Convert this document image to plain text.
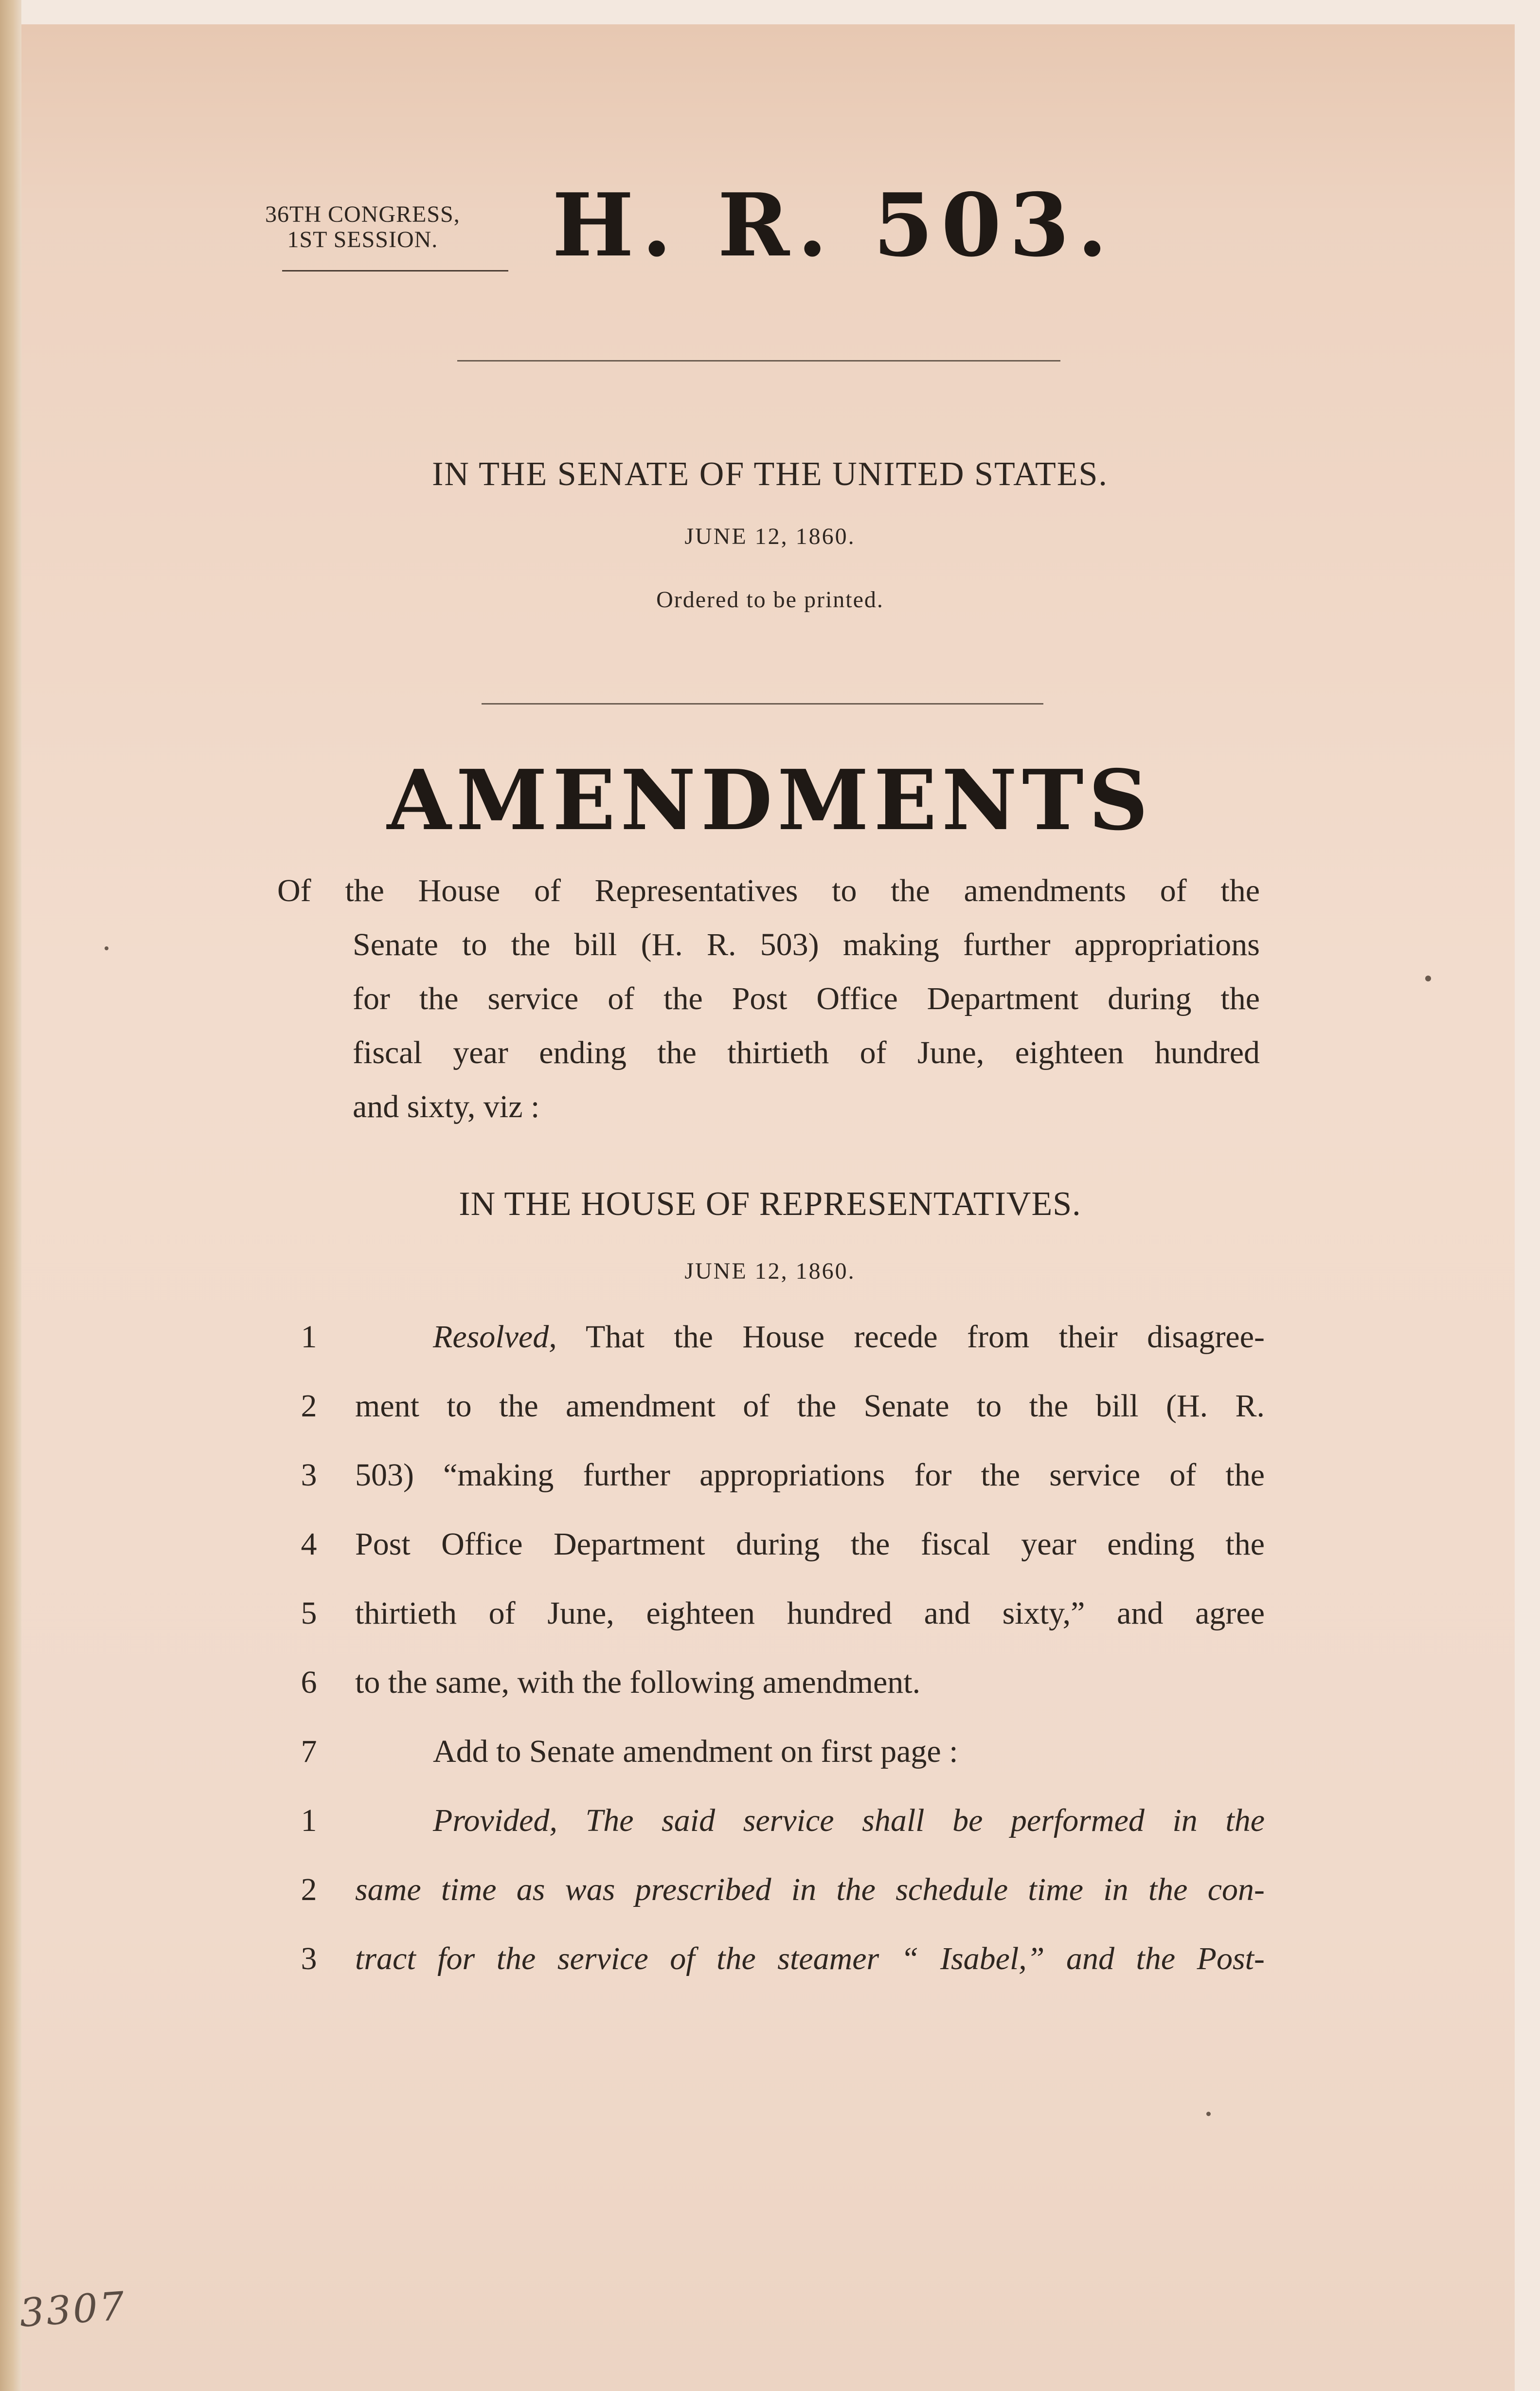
36TH CONGRESS,
1ST SESSION. H. R. 503.
IN THE SENATE OF THE UNITED STATES.
JUNE 12, 1860.
Ordered to be printed.
AMENDMENTS
Of the House of Representatives to the amendments of the
Senate to the bill (H. R. 503) making further appropriations
for the service of the Post Office Department during the
fiscal year ending the thirtieth of June, eighteen hundred
and sixty, viz :
IN THE HOUSE OF REPRESENTATIVES.
JUNE 12, 1860.
1	Resolved, That the House recede from their disagree-
2 ment to the amendment of the Senate to the bill (H. R.
3 503) “making further appropriations for the service of the
4 Post Office Department during the fiscal year ending the
5 thirtieth of June, eighteen hundred and sixty,” and agree
6 to the same, with the following amendment.
7	Add to Senate amendment on first page :
1	Provided, The said service shall be performed in the
2 same time as was prescribed in the schedule time in the con-
3 tract for the service of the steamer “ Isabel,” and the Post-
3307
